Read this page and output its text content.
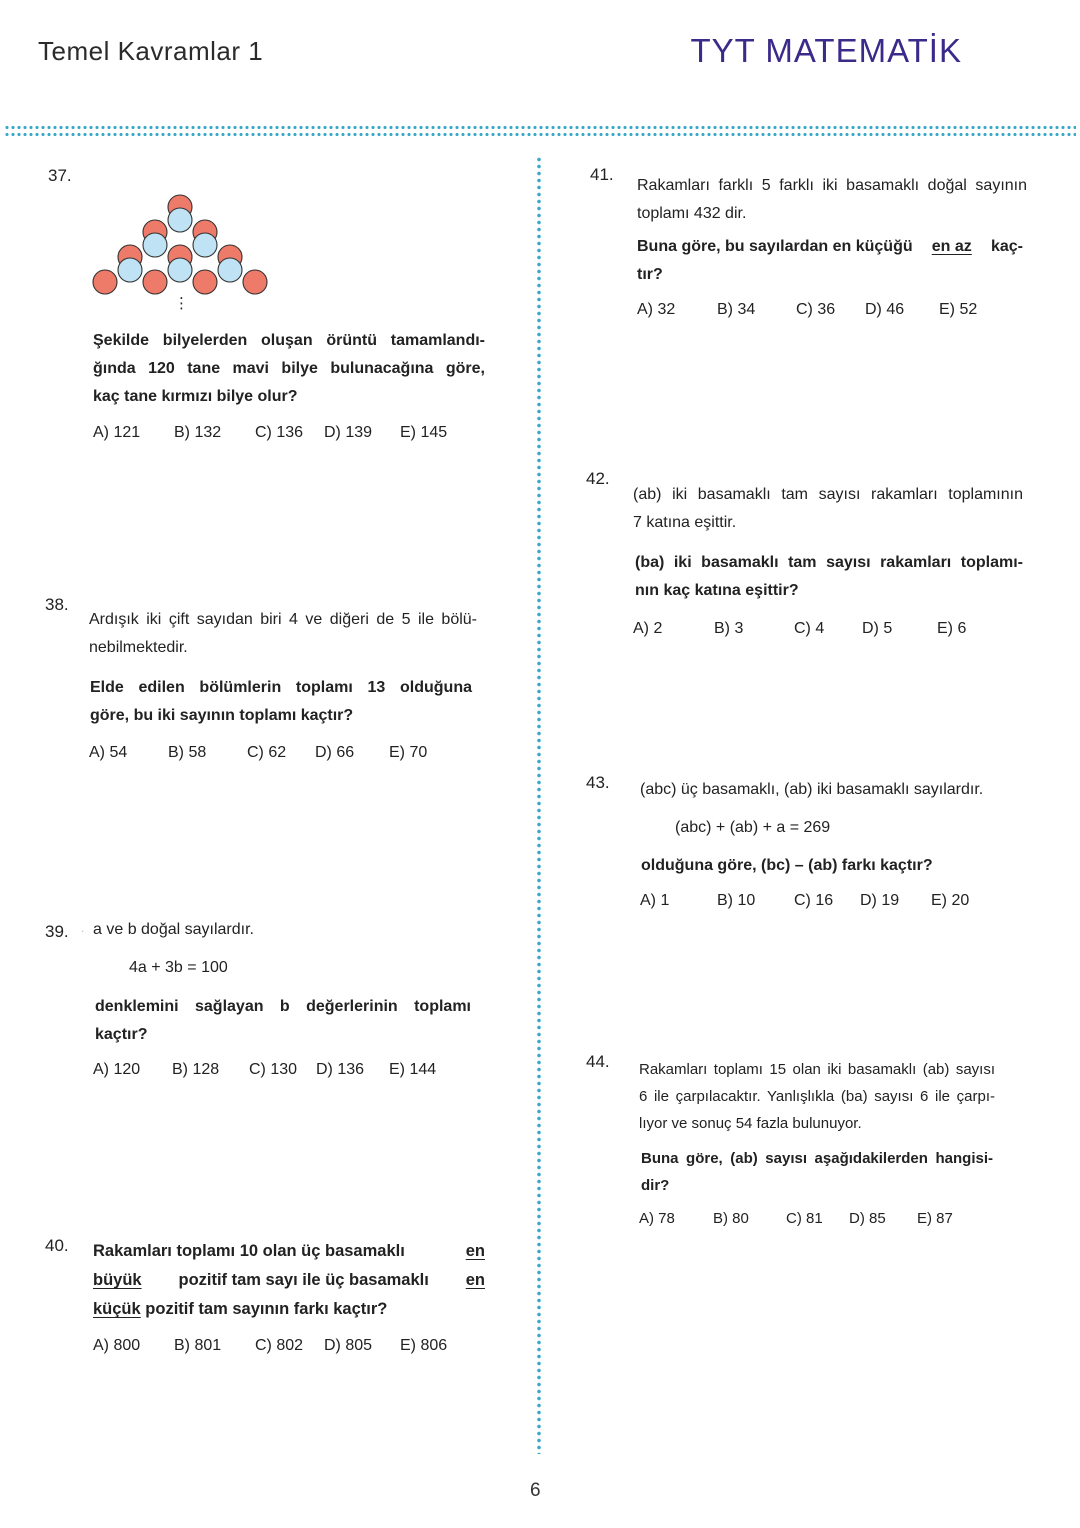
Temel Kavramlar 1	TYT MATEMATİK
37.
⋮
Şekilde bilyelerden oluşan örüntü tamamlandı-
ğında 120 tane mavi bilye bulunacağına göre,
kaç tane kırmızı bilye olur?
A) 121 B) 132 C) 136 D) 139 E) 145
38.
Ardışık iki çift sayıdan biri 4 ve diğeri de 5 ile bölü-
nebilmektedir.
Elde edilen bölümlerin toplamı 13 olduğuna
göre, bu iki sayının toplamı kaçtır?
A) 54	B) 58	C) 62 D) 66 E) 70
39. . a ve b doğal sayılardır.
4a + 3b = 100
denklemini sağlayan b değerlerinin toplamı
kaçtır?
A) 120 B) 128 C) 130 D) 136 E) 144
40. Rakamları toplamı 10 olan üç basamaklı	en
büyük pozitif tam sayı ile üç basamaklı en
küçük pozitif tam sayının farkı kaçtır?
A) 800 B) 801 C) 802 D) 805 E) 806
41.
Rakamları farklı 5 farklı iki basamaklı doğal sayının
toplamı 432 dir.
Buna göre, bu sayılardan en küçüğü en az kaç-
tır?
A) 32	B) 34	C) 36 D) 46 E) 52
42.
(ab) iki basamaklı tam sayısı rakamları toplamının
7 katına eşittir.
(ba) iki basamaklı tam sayısı rakamları toplamı-
nın kaç katına eşittir?
A) 2	B) 3	C) 4 D) 5	E) 6
43. (abc) üç basamaklı, (ab) iki basamaklı sayılardır.
(abc) + (ab) + a = 269
olduğuna göre, (bc) – (ab) farkı kaçtır?
A) 1	B) 10 C) 16 D) 19 E) 20
44. Rakamları toplamı 15 olan iki basamaklı (ab) sayısı
6 ile çarpılacaktır. Yanlışlıkla (ba) sayısı 6 ile çarpı-
lıyor ve sonuç 54 fazla bulunuyor.
Buna göre, (ab) sayısı aşağıdakilerden hangisi-
dir?
A) 78	B) 80 C) 81 D) 85 E) 87
6
